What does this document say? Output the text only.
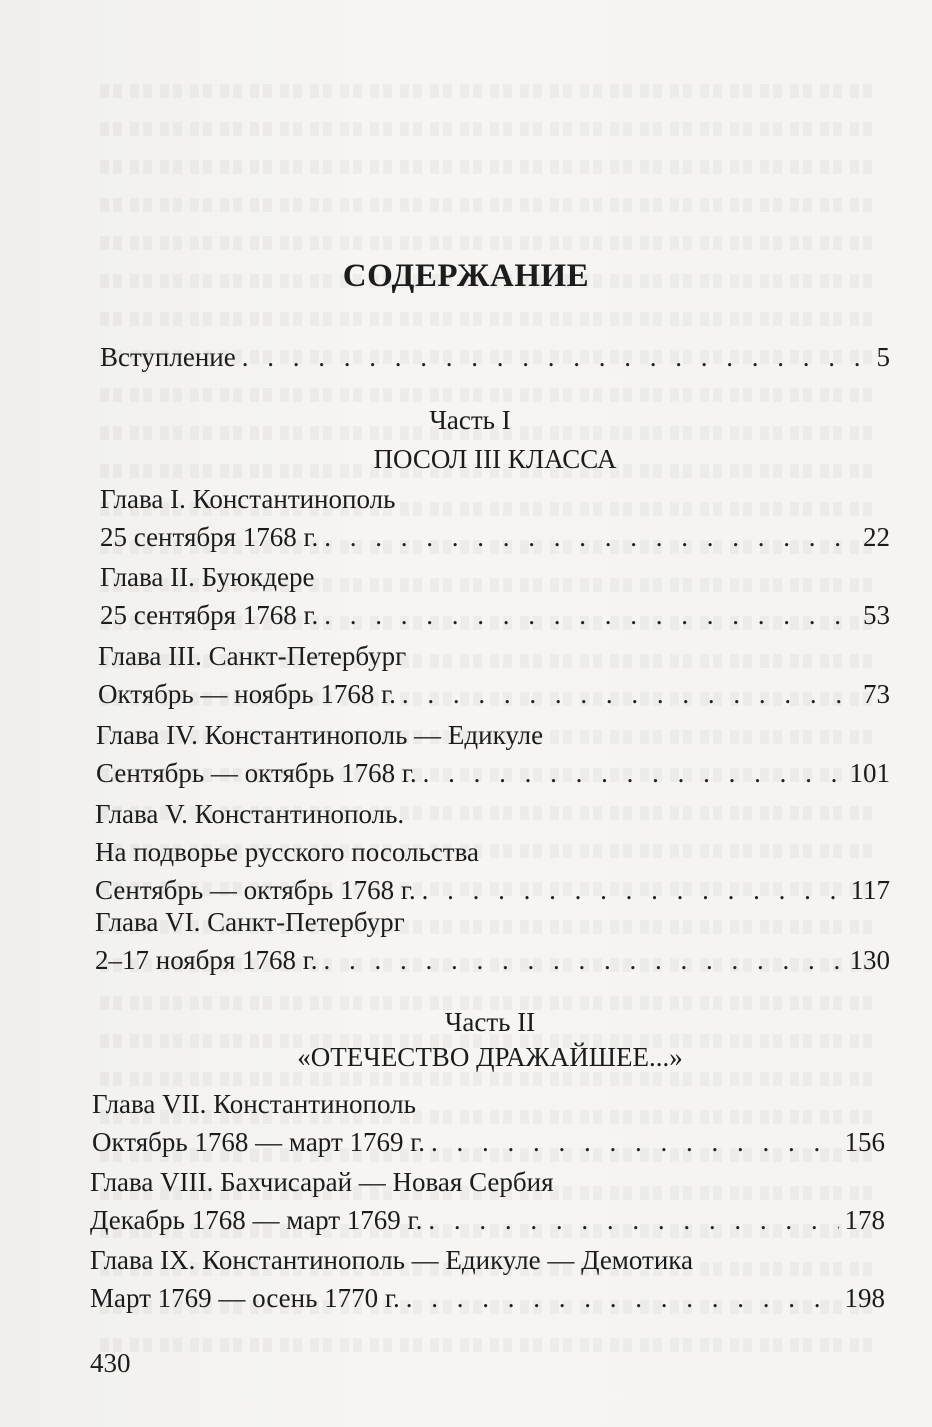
СОДЕРЖАНИЕ
Вступление . . .	5
Часть I
ПОСОЛ III КЛАССА
Глава I. Константинополь
25 сентября 1768 г. . . .	22
Глава II. Буюкдере
25 сентября 1768 г. . . .	53
Глава III. Санкт-Петербург
Октябрь — ноябрь 1768 г. . . .	73
Глава IV. Константинополь — Едикуле
Сентябрь — октябрь 1768 г. . . .	101
Глава V. Константинополь.
На подворье русского посольства
Сентябрь — октябрь 1768 г. . . .	117
Глава VI. Санкт-Петербург
2–17 ноября 1768 г. . . .	130
Часть II
«ОТЕЧЕСТВО ДРАЖАЙШЕЕ...»
Глава VII. Константинополь
Октябрь 1768 — март 1769 г. . . .	156
Глава VIII. Бахчисарай — Новая Сербия
Декабрь 1768 — март 1769 г. . . .	178
Глава IX. Константинополь — Едикуле — Демотика
Март 1769 — осень 1770 г. . . .	198
430
